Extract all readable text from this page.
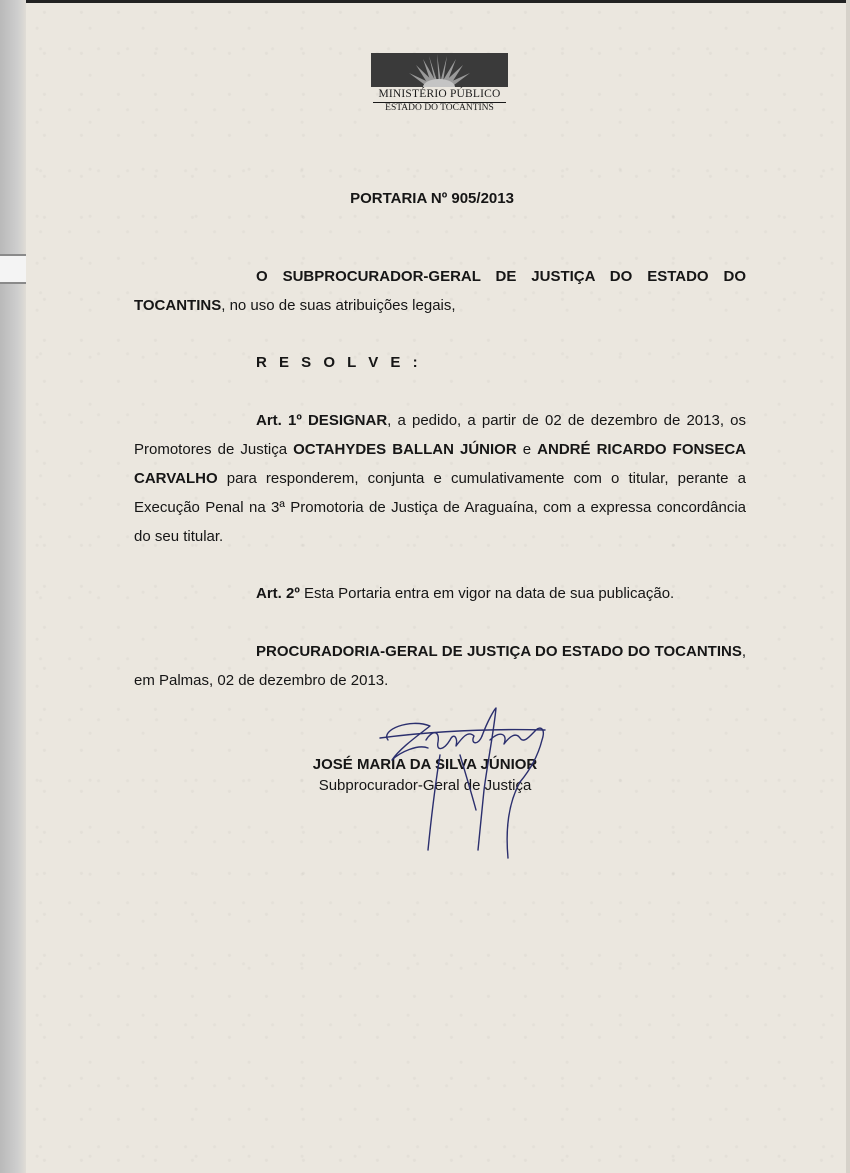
MINISTÉRIO PÚBLICO
ESTADO DO TOCANTINS
PORTARIA Nº 905/2013
O SUBPROCURADOR-GERAL DE JUSTIÇA DO ESTADO DO TOCANTINS, no uso de suas atribuições legais,
R E S O L V E :
Art. 1º DESIGNAR, a pedido, a partir de 02 de dezembro de 2013, os Promotores de Justiça OCTAHYDES BALLAN JÚNIOR e ANDRÉ RICARDO FONSECA CARVALHO para responderem, conjunta e cumulativamente com o titular, perante a Execução Penal na 3ª Promotoria de Justiça de Araguaína, com a expressa concordância do seu titular.
Art. 2º Esta Portaria entra em vigor na data de sua publicação.
PROCURADORIA-GERAL DE JUSTIÇA DO ESTADO DO TOCANTINS, em Palmas, 02 de dezembro de 2013.
JOSÉ MARIA DA SILVA JÚNIOR
Subprocurador-Geral de Justiça
